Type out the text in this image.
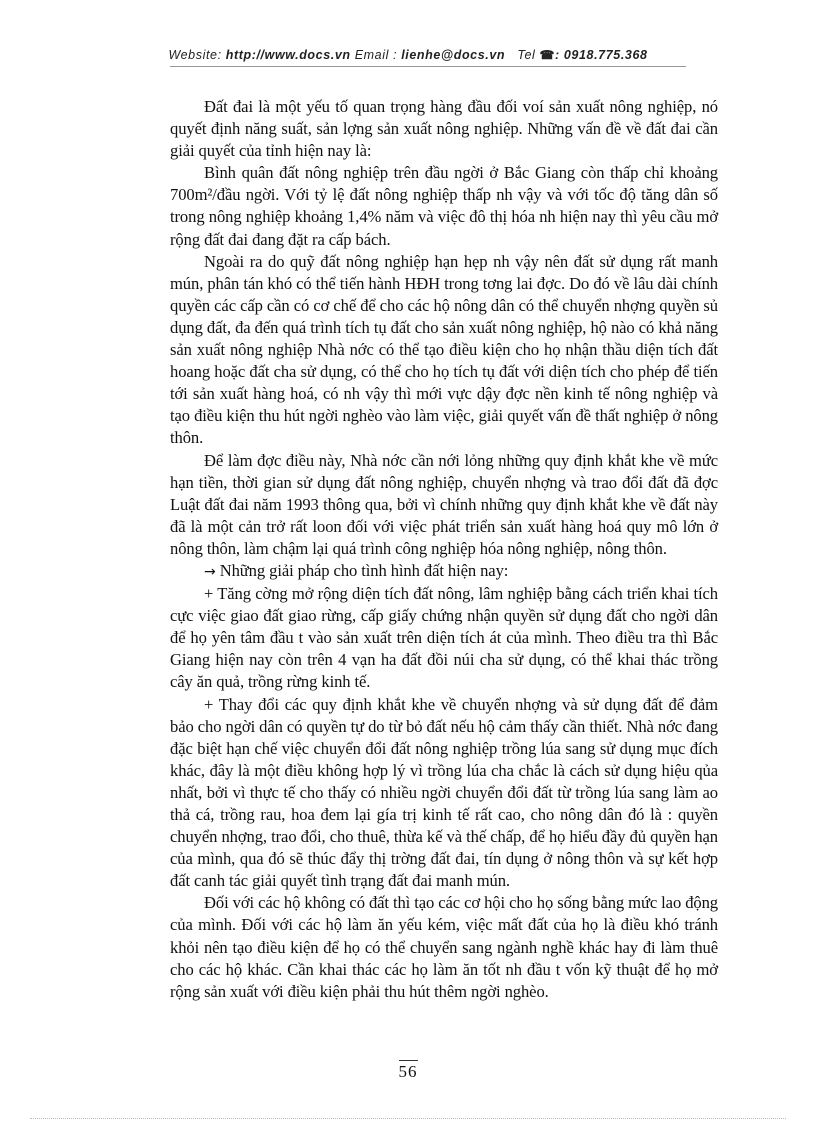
Website: http://www.docs.vn Email : lienhe@docs.vn Tel ☎: 0918.775.368

Đất đai là một yếu tố quan trọng hàng đầu đối voí sản xuất nông nghiệp, nó quyết định năng suất, sản lợng sản xuất nông nghiệp. Những vấn đề về đất đai cần giải quyết của tỉnh hiện nay là:

Bình quân đất nông nghiệp trên đầu ngời ở Bắc Giang còn thấp chỉ khoảng 700m²/đầu ngời. Với tỷ lệ đất nông nghiệp thấp nh vậy và với tốc độ tăng dân số trong nông nghiệp khoảng 1,4% năm và việc đô thị hóa nh hiện nay thì yêu cầu mở rộng đất đai đang đặt ra cấp bách.

Ngoài ra do quỹ đất nông nghiệp hạn hẹp nh vậy nên đất sử dụng rất manh mún, phân tán khó có thể tiến hành HĐH trong tơng lai đợc. Do đó về lâu dài chính quyền các cấp cần có cơ chế để cho các hộ nông dân có thể chuyển nhợng quyền sủ dụng đất, đa đến quá trình tích tụ đất cho sản xuất nông nghiệp, hộ nào có khả năng sản xuất nông nghiệp Nhà nớc có thể tạo điều kiện cho họ nhận thầu diện tích đất hoang hoặc đất cha sử dụng, có thể cho họ tích tụ đất với diện tích cho phép để tiến tới sản xuất hàng hoá, có nh vậy thì mới vực dậy đợc nền kinh tế nông nghiệp và tạo điều kiện thu hút ngời nghèo vào làm việc, giải quyết vấn đề thất nghiệp ở nông thôn.

Để làm đợc điều này, Nhà nớc cần nới lỏng những quy định khắt khe về mức hạn tiền, thời gian sử dụng đất nông nghiệp, chuyển nhợng và trao đổi đất đã đợc Luật đất đai năm 1993 thông qua, bởi vì chính những quy định khắt khe về đất này đã là một cản trở rất loon đối với việc phát triển sản xuất hàng hoá quy mô lớn ở nông thôn, làm chậm lại quá trình công nghiệp hóa nông nghiệp, nông thôn.

→ Những giải pháp cho tình hình đất hiện nay:

+ Tăng cờng mở rộng diện tích đất nông, lâm nghiệp bằng cách triển khai tích cực việc giao đất giao rừng, cấp giấy chứng nhận quyền sử dụng đất cho ngời dân để họ yên tâm đầu t vào sản xuất trên diện tích át của mình. Theo điều tra thì Bắc Giang hiện nay còn trên 4 vạn ha đất đồi núi cha sử dụng, có thể khai thác trồng cây ăn quả, trồng rừng kinh tế.

+ Thay đổi các quy định khắt khe về chuyển nhợng và sử dụng đất để đảm bảo cho ngời dân có quyền tự do từ bỏ đất nếu hộ cảm thấy cần thiết. Nhà nớc đang đặc biệt hạn chế việc chuyển đổi đất nông nghiệp trồng lúa sang sử dụng mục đích khác, đây là một điều không hợp lý vì trồng lúa cha chắc là cách sử dụng hiệu qủa nhất, bởi vì thực tế cho thấy có nhiều ngời chuyển đổi đất từ trồng lúa sang làm ao thả cá, trồng rau, hoa đem lại gía trị kinh tế rất cao, cho nông dân đó là : quyền chuyển nhợng, trao đổi, cho thuê, thừa kế và thế chấp, để họ hiểu đầy đủ quyền hạn của mình, qua đó sẽ thúc đẩy thị trờng đất đai, tín dụng ở nông thôn và sự kết hợp đất canh tác giải quyết tình trạng đất đai manh mún.

Đối với các hộ không có đất thì tạo các cơ hội cho họ sống bằng mức lao động của mình. Đối với các hộ làm ăn yếu kém, việc mất đất của họ là điều khó tránh khỏi nên tạo điều kiện để họ có thể chuyển sang ngành nghề khác hay đi làm thuê cho các hộ khác. Cần khai thác các họ làm ăn tốt nh đầu t vốn kỹ thuật để họ mở rộng sản xuất với điều kiện phải thu hút thêm ngời nghèo.

56
